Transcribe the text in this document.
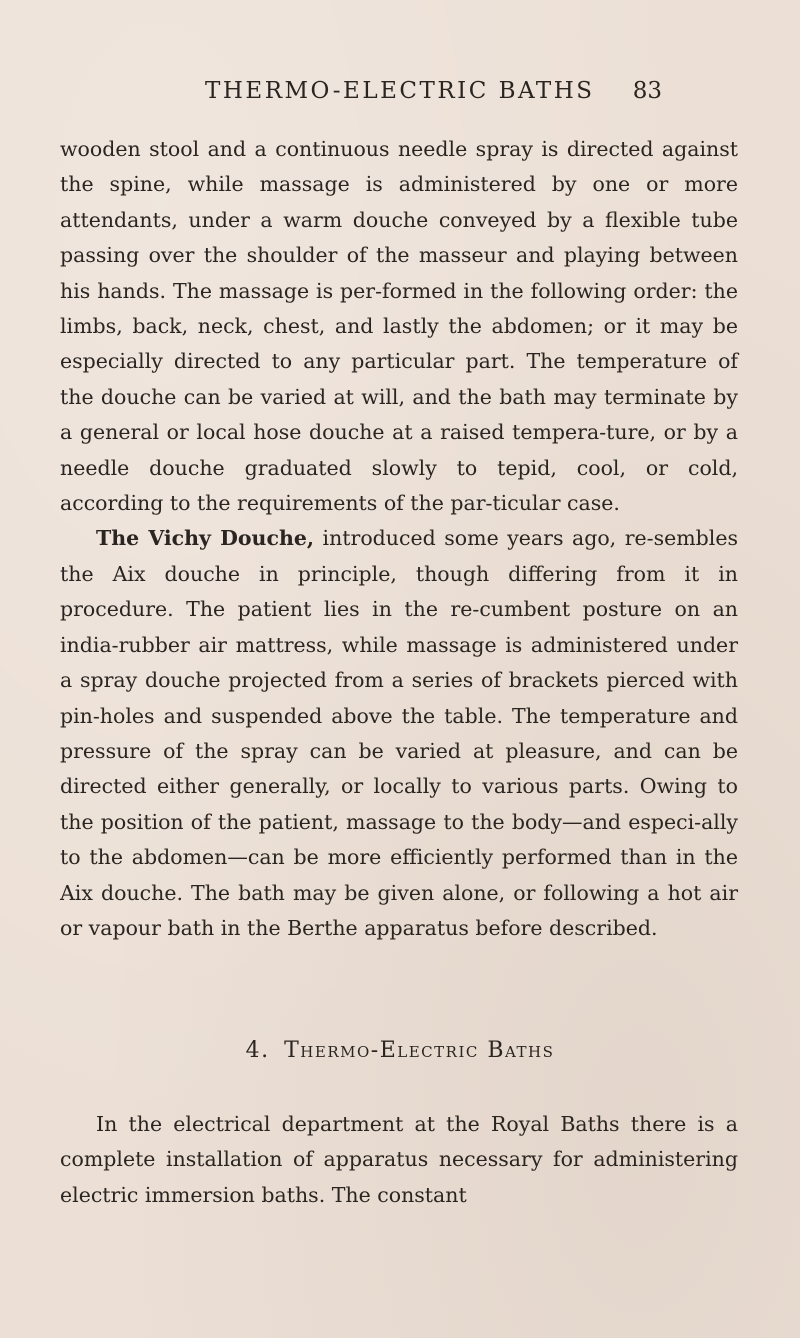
THERMO-ELECTRIC BATHS 83

wooden stool and a continuous needle spray is directed against the spine, while massage is administered by one or more attendants, under a warm douche conveyed by a flexible tube passing over the shoulder of the masseur and playing between his hands. The massage is per-formed in the following order: the limbs, back, neck, chest, and lastly the abdomen; or it may be especially directed to any particular part. The temperature of the douche can be varied at will, and the bath may terminate by a general or local hose douche at a raised tempera-ture, or by a needle douche graduated slowly to tepid, cool, or cold, according to the requirements of the par-ticular case.

The Vichy Douche, introduced some years ago, re-sembles the Aix douche in principle, though differing from it in procedure. The patient lies in the re-cumbent posture on an india-rubber air mattress, while massage is administered under a spray douche projected from a series of brackets pierced with pin-holes and suspended above the table. The temperature and pressure of the spray can be varied at pleasure, and can be directed either generally, or locally to various parts. Owing to the position of the patient, massage to the body—and especi-ally to the abdomen—can be more efficiently performed than in the Aix douche. The bath may be given alone, or following a hot air or vapour bath in the Berthe apparatus before described.

4. Thermo-Electric Baths

In the electrical department at the Royal Baths there is a complete installation of apparatus necessary for administering electric immersion baths. The constant
